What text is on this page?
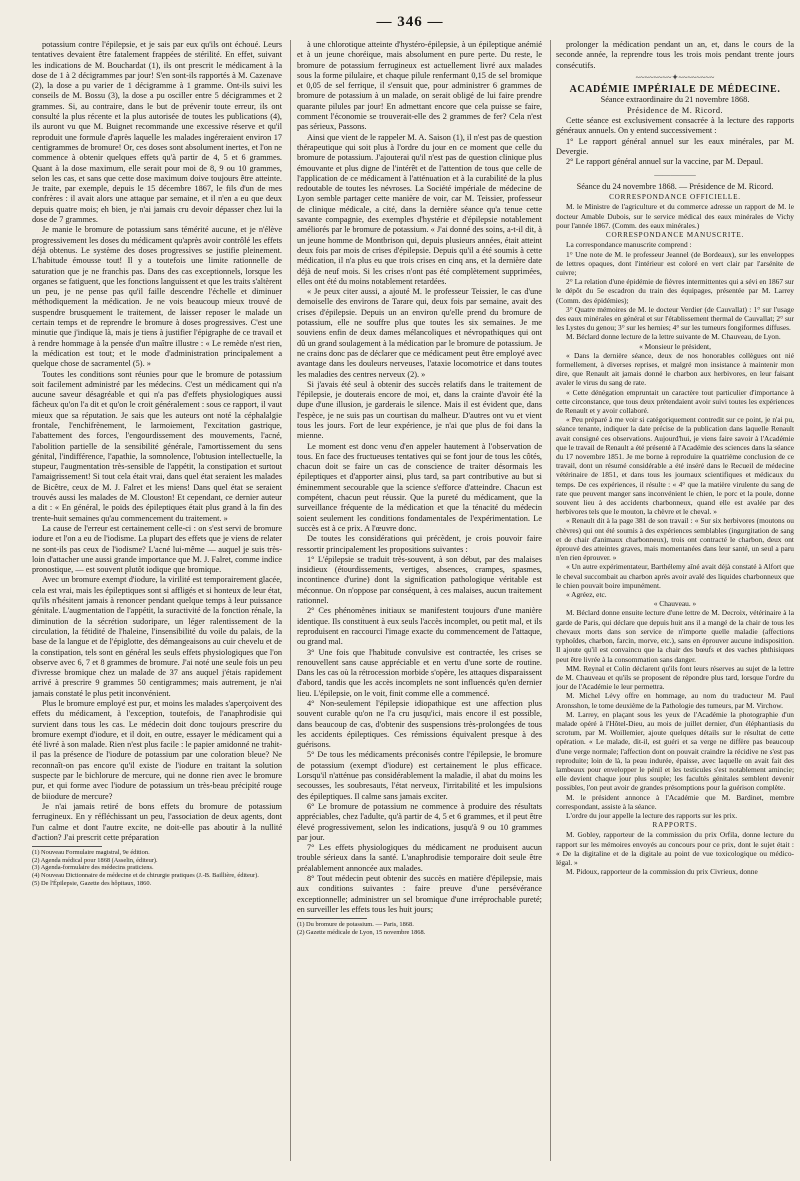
— 346 —

potassium contre l'épilepsie, et je sais par eux qu'ils ont échoué. Leurs tentatives devaient être fatalement frappées de stérilité. En effet, suivant les indications de M. Bouchardat (1), ils ont prescrit le médicament à la dose de 1 à 2 décigrammes par jour! S'en sont-ils rapportés à M. Cazenave (2), la dose a pu varier de 1 décigramme à 1 gramme. Ont-ils suivi les conseils de M. Bossu (3), la dose a pu osciller entre 5 décigrammes et 2 grammes. Si, au contraire, dans le but de prévenir toute erreur, ils ont consulté la plus récente et la plus autorisée de toutes les publications (4), ils auront vu que M. Buignet recommande une excessive réserve et qu'il reproduit une formule d'après laquelle les malades ingéreraient environ 17 centigrammes de bromure! Or, ces doses sont absolument inertes, et l'on ne commence à obtenir quelques effets qu'à partir de 4, 5 et 6 grammes. Quant à la dose maximum, elle serait pour moi de 8, 9 ou 10 grammes, selon les cas, et sans que cette dose maximum doive toujours être atteinte. Je traite, par exemple, depuis le 15 décembre 1867, le fils d'un de mes confrères : il avait alors une attaque par semaine, et il n'en a eu que deux depuis quatre mois; eh bien, je n'ai jamais cru devoir dépasser chez lui la dose de 7 grammes.

Je manie le bromure de potassium sans témérité aucune, et je n'élève progressivement les doses du médicament qu'après avoir contrôlé les effets déjà obtenus. Le système des doses progressives se justifie pleinement. L'habitude émousse tout! Il y a toutefois une limite rationnelle de saturation que je ne franchis pas. Dans des cas exceptionnels, lorsque les organes se fatiguent, que les fonctions languissent et que les traits s'altèrent un peu, je ne pense pas qu'il faille descendre l'échelle et diminuer méthodiquement la médication. Je ne vois beaucoup mieux trouvé de suspendre brusquement le traitement, de laisser reposer le malade un certain temps et de reprendre le bromure à doses progressives. C'est une minutie que j'indique là, mais je tiens à justifier l'épigraphe de ce travail et à rendre hommage à la pensée d'un maître illustre : « Le remède n'est rien, la médication est tout; et le mode d'administration principalement a quelque chose de sacramentel (5). »

Toutes les conditions sont réunies pour que le bromure de potassium soit facilement administré par les médecins. C'est un médicament qui n'a aucune saveur désagréable et qui n'a pas d'effets physiologiques aussi fâcheux qu'on l'a dit et qu'on le croit généralement : sous ce rapport, il vaut mieux que sa réputation. Je sais que les auteurs ont noté la céphalalgie frontale, l'enchifrènement, le larmoiement, l'excitation gastrique, l'abattement des forces, l'engourdissement des mouvements, l'acné, l'abolition partielle de la sensibilité générale, l'amortissement du sens génital, l'indifférence, l'apathie, la somnolence, l'obtusion intellectuelle, la stupeur, l'augmentation très-sensible de l'appétit, la constipation et surtout l'amaigrissement! Si tout cela était vrai, dans quel état seraient les malades de Bicêtre, ceux de M. J. Falret et les miens! Dans quel état se seraient trouvés aussi les malades de M. Clouston! Et cependant, ce dernier auteur a dit : « En général, le poids des épileptiques était plus grand à la fin des trente-huit semaines qu'au commencement du traitement. »

La cause de l'erreur est certainement celle-ci : on s'est servi de bromure iodure et l'on a eu de l'iodisme. La plupart des effets que je viens de relater ne sont-ils pas ceux de l'iodisme? L'acné lui-même — auquel je suis très-loin d'attacher une aussi grande importance que M. J. Falret, comme indice pronostique, — est souvent plutôt iodique que bromique.

Avec un bromure exempt d'iodure, la virilité est temporairement glacée, cela est vrai, mais les épileptiques sont si affligés et si honteux de leur état, qu'ils n'hésitent jamais à renoncer pendant quelque temps à leur puissance génitale. L'augmentation de l'appétit, la suractivité de la fonction rénale, la diminution de la sécrétion sudoripare, un léger ralentissement de la circulation, la fétidité de l'haleine, l'insensibilité du voile du palais, de la base de la langue et de l'épiglotte, des démangeaisons au cuir chevelu et de la constipation, tels sont en général les seuls effets physiologiques que l'on observe avec 6, 7 et 8 grammes de bromure. J'ai noté une seule fois un peu d'ivresse bromique chez un malade de 37 ans auquel j'étais rapidement arrivé à prescrire 9 grammes 50 centigrammes; mais autrement, je n'ai jamais constaté le plus petit inconvénient.

Plus le bromure employé est pur, et moins les malades s'aperçoivent des effets du médicament, à l'exception, toutefois, de l'anaphrodisie qui survient dans tous les cas. Le médecin doit donc toujours prescrire du bromure exempt d'iodure, et il doit, en outre, essayer le médicament qui a été livré à son malade. Rien n'est plus facile : le papier amidonné ne trahit-il pas la présence de l'iodure de potassium par une coloration bleue? Ne reconnaît-on pas encore qu'il existe de l'iodure en traitant la solution suspecte par le bichlorure de mercure, qui ne donne rien avec le bromure pur, et qui forme avec l'iodure de potassium un très-beau précipité rouge de biiodure de mercure?

Je n'ai jamais retiré de bons effets du bromure de potassium ferrugineux. En y réfléchissant un peu, l'association de deux agents, dont l'un calme et dont l'autre excite, ne doit-elle pas aboutir à la nullité d'action? J'ai prescrit cette préparation

(1) Nouveau Formulaire magistral, 9e édition.
(2) Agenda médical pour 1868 (Asselin, éditeur).
(3) Agenda-formulaire des médecins praticiens.
(4) Nouveau Dictionnaire de médecine et de chirurgie pratiques (J.-B. Baillière, éditeur).
(5) De l'Épilepsie, Gazette des hôpitaux, 1860.

à une chlorotique atteinte d'hystéro-épilepsie, à un épileptique anémié et à un jeune choréique, mais absolument en pure perte. Du reste, le bromure de potassium ferrugineux est actuellement livré aux malades sous la forme pilulaire, et chaque pilule renfermant 0,15 de sel bromique et 0,05 de sel ferrique, il s'ensuit que, pour administrer 6 grammes de bromure de potassium à un malade, on serait obligé de lui faire prendre quarante pilules par jour! En admettant encore que cela puisse se faire, comment l'économie se trouverait-elle des 2 grammes de fer? Cela n'est pas sérieux, Passons.

Ainsi que vient de le rappeler M. A. Saison (1), il n'est pas de question thérapeutique qui soit plus à l'ordre du jour en ce moment que celle du bromure de potassium. J'ajouterai qu'il n'est pas de question clinique plus émouvante et plus digne de l'intérêt et de l'attention de tous que celle de l'application de ce médicament à l'atténuation et à la curabilité de la plus redoutable de toutes les névroses. La Société impériale de médecine de Lyon semble partager cette manière de voir, car M. Teissier, professeur de clinique médicale, a cité, dans la dernière séance qu'a tenue cette savante compagnie, des exemples d'hystérie et d'épilepsie notablement améliorés par le bromure de potassium. « J'ai donné des soins, a-t-il dit, à un jeune homme de Montbrison qui, depuis plusieurs années, était atteint deux fois par mois de crises d'épilepsie. Depuis qu'il a été soumis à cette médication, il n'a plus eu que trois crises en cinq ans, et la dernière date déjà de neuf mois. Si les crises n'ont pas été complètement supprimées, elles ont été du moins notablement retardées.

« Je peux citer aussi, a ajouté M. le professeur Teissier, le cas d'une demoiselle des environs de Tarare qui, deux fois par semaine, avait des crises d'épilepsie. Depuis un an environ qu'elle prend du bromure de potassium, elle ne souffre plus que toutes les six semaines. Je me souviens enfin de deux dames mélancoliques et névropathiques qui ont dû un grand soulagement à la médication par le bromure de potassium. Je ne crains donc pas de déclarer que ce médicament peut être employé avec avantage dans les douleurs nerveuses, l'ataxie locomotrice et dans toutes les maladies des centres nerveux (2). »

Si j'avais été seul à obtenir des succès relatifs dans le traitement de l'épilepsie, je douterais encore de moi, et, dans la crainte d'avoir été la dupe d'une illusion, je garderais le silence. Mais il est évident que, dans l'espèce, je ne suis pas un courtisan du malheur. D'autres ont vu et vient tous les jours. Fort de leur expérience, je n'ai que plus de foi dans la mienne.

Le moment est donc venu d'en appeler hautement à l'observation de tous. En face des fructueuses tentatives qui se font jour de tous les côtés, chacun doit se faire un cas de conscience de traiter désormais les épileptiques et d'apporter ainsi, plus tard, sa part contributive au but si éminemment secourable que la science s'efforce d'atteindre. Chacun est compétent, chacun peut réussir. Que la pureté du médicament, que la surveillance fréquente de la médication et que la ténacité du médecin soient seulement les conditions fondamentales de l'expérimentation. Le succès est à ce prix. A l'œuvre donc.

De toutes les considérations qui précèdent, je crois pouvoir faire ressortir principalement les propositions suivantes :

1° L'épilepsie se traduit très-souvent, à son début, par des malaises insidieux (étourdissements, vertiges, absences, crampes, spasmes, incontinence d'urine) dont la signification pathologique véritable est méconnue. On n'oppose par conséquent, à ces malaises, aucun traitement rationnel.

2° Ces phénomènes initiaux se manifestent toujours d'une manière identique. Ils constituent à eux seuls l'accès incomplet, ou petit mal, et ils reproduisent en raccourci l'image exacte du commencement de l'attaque, ou grand mal.

3° Une fois que l'habitude convulsive est contractée, les crises se renouvellent sans cause appréciable et en vertu d'une sorte de routine. Dans les cas où la rétrocession morbide s'opère, les attaques disparaissent d'abord, tandis que les accès incomplets ne sont influencés qu'en dernier lieu. L'épilepsie, on le voit, finit comme elle a commencé.

4° Non-seulement l'épilepsie idiopathique est une affection plus souvent curable qu'on ne l'a cru jusqu'ici, mais encore il est possible, dans beaucoup de cas, d'obtenir des suspensions très-prolongées de tous les accidents épileptiques. Ces rémissions équivalent presque à des guérisons.

5° De tous les médicaments préconisés contre l'épilepsie, le bromure de potassium (exempt d'iodure) est certainement le plus efficace. Lorsqu'il n'atténue pas considérablement la maladie, il abat du moins les secousses, les soubresauts, l'état nerveux, l'irritabilité et les impulsions des épileptiques. Il calme sans jamais exciter.

6° Le bromure de potassium ne commence à produire des résultats appréciables, chez l'adulte, qu'à partir de 4, 5 et 6 grammes, et il peut être élevé progressivement, selon les indications, jusqu'à 9 ou 10 grammes par jour.

7° Les effets physiologiques du médicament ne produisent aucun trouble sérieux dans la santé. L'anaphrodisie temporaire doit seule être préalablement annoncée aux malades.

8° Tout médecin peut obtenir des succès en matière d'épilepsie, mais aux conditions suivantes : faire preuve d'une persévérance exceptionnelle; administrer un sel bromique d'une irréprochable pureté; en surveiller les effets tous les huit jours;

(1) Du bromure de potassium. — Paris, 1868.
(2) Gazette médicale de Lyon, 15 novembre 1868.

prolonger la médication pendant un an, et, dans le cours de la seconde année, la reprendre tous les trois mois pendant trente jours consécutifs.

~~~~~~~~✦~~~~~~~~

ACADÉMIE IMPÉRIALE DE MÉDECINE.

Séance extraordinaire du 21 novembre 1868.

Présidence de M. Ricord.

Cette séance est exclusivement consacrée à la lecture des rapports généraux annuels. On y entend successivement :

1° Le rapport général annuel sur les eaux minérales, par M. Devergie.

2° Le rapport général annuel sur la vaccine, par M. Depaul.

―――――

Séance du 24 novembre 1868. — Présidence de M. Ricord.

CORRESPONDANCE OFFICIELLE.

M. le Ministre de l'agriculture et du commerce adresse un rapport de M. le docteur Amable Dubois, sur le service médical des eaux minérales de Vichy pour l'année 1867. (Comm. des eaux minérales.)

CORRESPONDANCE MANUSCRITE.

La correspondance manuscrite comprend :

1° Une note de M. le professeur Jeannel (de Bordeaux), sur les enveloppes de lettres opaques, dont l'intérieur est coloré en vert clair par l'arsénite de cuivre;

2° La relation d'une épidémie de fièvres intermittentes qui a sévi en 1867 sur le dépôt du 5e escadron du train des équipages, présentée par M. Larrey (Comm. des épidémies);

3° Quatre mémoires de M. le docteur Verdier (de Cauvallat) : 1° sur l'usage des eaux minérales en général et sur l'établissement thermal de Cauvallat; 2° sur les Lystes du genou; 3° sur les hernies; 4° sur les tumeurs fongiformes diffuses.

M. Béclard donne lecture de la lettre suivante de M. Chauveau, de Lyon.

« Monsieur le président,

« Dans la dernière séance, deux de nos honorables collègues ont nié formellement, à diverses reprises, et malgré mon insistance à maintenir mon dire, que Renault ait jamais donné le charbon aux herbivores, en leur faisant avaler le virus du sang de rate.

« Cette dénégation empruntait un caractère tout particulier d'importance à cette circonstance, que tous deux prétendaient avoir suivi toutes les expériences de Renault et y avoir collaboré.

« Peu préparé à me voir si catégoriquement contredit sur ce point, je n'ai pu, séance tenante, indiquer la date précise de la publication dans laquelle Renault avait consigné ces observations. Aujourd'hui, je viens faire savoir à l'Académie que le travail de Renault a été présenté à l'Académie des sciences dans la séance du 17 novembre 1851. Je me borne à reproduire la quatrième conclusion de ce travail, dont un résumé considérable a été inséré dans le Recueil de médecine vétérinaire de 1851, et dans tous les journaux scientifiques et médicaux du temps. De ces expériences, il résulte : « 4° que la matière virulente du sang de rate que peuvent manger sans inconvénient le chien, le porc et la poule, donne souvent lieu à des accidents charbonneux, quand elle est avalée par des herbivores tels que le mouton, la chèvre et le cheval. »

« Renault dit à la page 381 de son travail : « Sur six herbivores (moutons ou chèvres) qui ont été soumis à des expériences semblables (ingurgitation de sang et de chair d'animaux charbonneux), trois ont contracté le charbon, deux ont éprouvé des atteintes graves, mais momentanées dans leur santé, un seul a paru n'en rien éprouver. »

« Un autre expérimentateur, Barthélemy aîné avait déjà constaté à Alfort que le cheval succombait au charbon après avoir avalé des liquides charbonneux que le chien pouvait boire impunément.

« Agréez, etc.

« Chauveau. »

M. Béclard donne ensuite lecture d'une lettre de M. Decroix, vétérinaire à la garde de Paris, qui déclare que depuis huit ans il a mangé de la chair de tous les chevaux morts dans son service de n'importe quelle maladie (affections typhoïdes, charbon, farcin, morve, etc.), sans en éprouver aucune indisposition. Il ajoute qu'il est convaincu que la chair des bœufs et des vaches phthisiques peut être livrée à la consommation sans danger.

MM. Reynal et Colin déclarent qu'ils font leurs réserves au sujet de la lettre de M. Chauveau et qu'ils se proposent de répondre plus tard, lorsque l'ordre du jour de l'Académie le leur permettra.

M. Michel Lévy offre en hommage, au nom du traducteur M. Paul Aronsshon, le tome deuxième de la Pathologie des tumeurs, par M. Virchow.

M. Larrey, en plaçant sous les yeux de l'Académie la photographie d'un malade opéré à l'Hôtel-Dieu, au mois de juillet dernier, d'un éléphantiasis du scrotum, par M. Woillemier, ajoute quelques détails sur le résultat de cette opération. « Le malade, dit-il, est guéri et sa verge ne diffère pas beaucoup d'une verge normale; l'affection dont on pouvait craindre la récidive ne s'est pas reproduite; loin de là, la peau indurée, épaisse, avec laquelle on avait fait des lambeaux pour envelopper le pénil et les testicules s'est notablement amincie; elle devient chaque jour plus souple; les facultés génitales semblent devenir possibles, l'on peut avoir de grandes présomptions pour la guérison complète.

M. le président annonce à l'Académie que M. Bardinet, membre correspondant, assiste à la séance.

L'ordre du jour appelle la lecture des rapports sur les prix.

RAPPORTS.

M. Gobley, rapporteur de la commission du prix Orfila, donne lecture du rapport sur les mémoires envoyés au concours pour ce prix, dont le sujet était : « De la digitaline et de la digitale au point de vue toxicologique ou médico-légal. »

M. Pidoux, rapporteur de la commission du prix Civrieux, donne
